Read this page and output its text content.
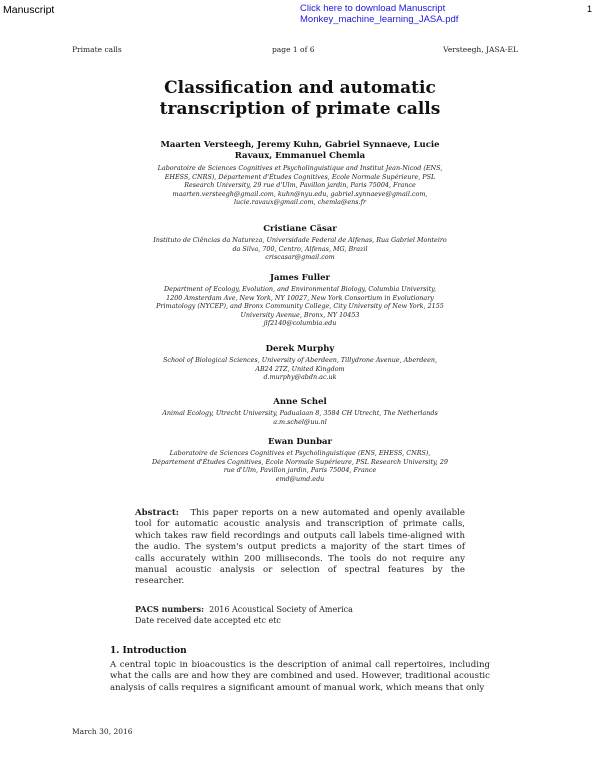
Manuscript	Click here to download Manuscript
Monkey_machine_learning_JASA.pdf
1
Primate calls	page 1 of 6	Versteegh, JASA-EL
Classification and automatic
transcription of primate calls
Maarten Versteegh, Jeremy Kuhn, Gabriel Synnaeve, Lucie
Ravaux, Emmanuel Chemla
Laboratoire de Sciences Cognitives et Psycholinguistique and Institut Jean-Nicod (ENS,
EHESS, CNRS), Département d'Études Cognitives, Ecole Normale Supérieure, PSL
Research University, 29 rue d'Ulm, Pavillon jardin, Paris 75004, France
maarten.versteegh@gmail.com, kuhn@nyu.edu, gabriel.synnaeve@gmail.com,
lucie.ravaux@gmail.com, chemla@ens.fr
Cristiane Cäsar
Instituto de Ciências da Natureza, Universidade Federal de Alfenas, Rua Gabriel Monteiro
da Silva, 700, Centro, Alfenas, MG, Brazil
criscasar@gmail.com
James Fuller
Department of Ecology, Evolution, and Environmental Biology, Columbia University,
1200 Amsterdam Ave, New York, NY 10027, New York Consortium in Evolutionary
Primatology (NYCEP), and Bronx Community College, City University of New York, 2155
University Avenue, Bronx, NY 10453
jlf2140@columbia.edu
Derek Murphy
School of Biological Sciences, University of Aberdeen, Tillydrone Avenue, Aberdeen,
AB24 2TZ, United Kingdom
d.murphy@abdn.ac.uk
Anne Schel
Animal Ecology, Utrecht University, Padualaan 8, 3584 CH Utrecht, The Netherlands
a.m.schel@uu.nl
Ewan Dunbar
Laboratoire de Sciences Cognitives et Psycholinguistique (ENS, EHESS, CNRS),
Département d'Études Cognitives, Ecole Normale Supérieure, PSL Research University, 29
rue d'Ulm, Pavillon jardin, Paris 75004, France
emd@umd.edu
Abstract: This paper reports on a new automated and openly available tool for automatic acoustic analysis and transcription of primate calls, which takes raw field recordings and outputs call labels time-aligned with the audio. The system's output predicts a majority of the start times of calls accurately within 200 milliseconds. The tools do not require any manual acoustic analysis or selection of spectral features by the researcher.
PACS numbers: 2016 Acoustical Society of America
Date received date accepted etc etc
1. Introduction
A central topic in bioacoustics is the description of animal call repertoires, including what the calls are and how they are combined and used. However, traditional acoustic analysis of calls requires a significant amount of manual work, which means that only
March 30, 2016
